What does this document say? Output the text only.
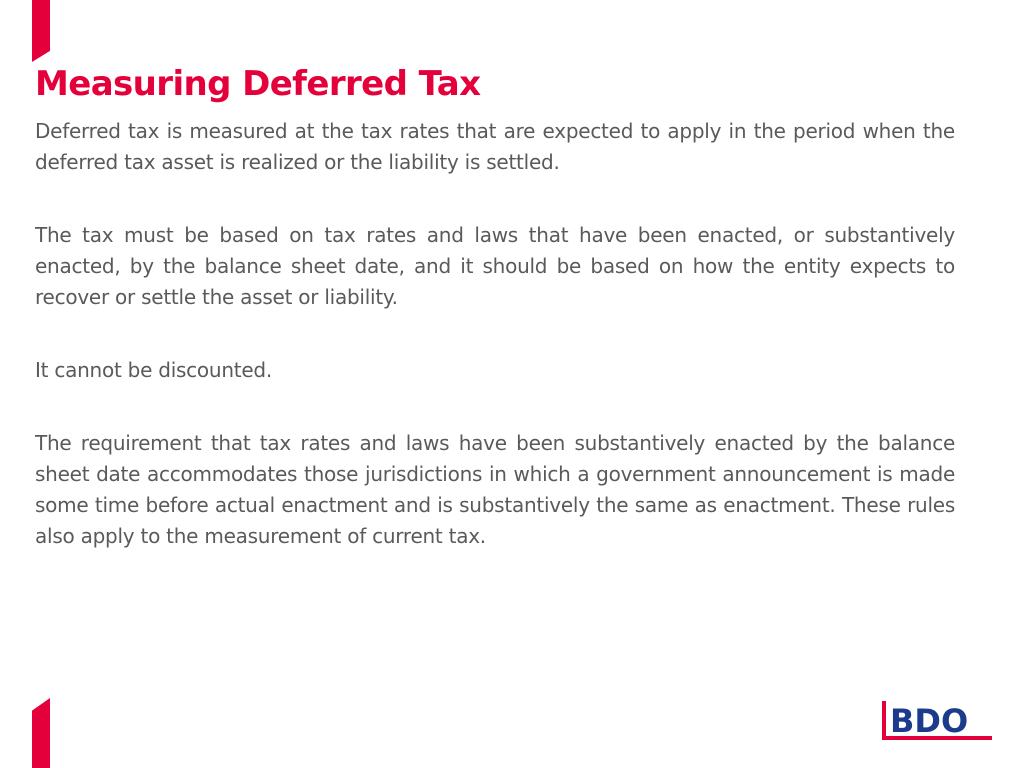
Measuring Deferred Tax

Deferred tax is measured at the tax rates that are expected to apply in the period when the deferred tax asset is realized or the liability is settled.

The tax must be based on tax rates and laws that have been enacted, or substantively enacted, by the balance sheet date, and it should be based on how the entity expects to recover or settle the asset or liability.

It cannot be discounted.

The requirement that tax rates and laws have been substantively enacted by the balance sheet date accommodates those jurisdictions in which a government announcement is made some time before actual enactment and is substantively the same as enactment. These rules also apply to the measurement of current tax.

BDO
